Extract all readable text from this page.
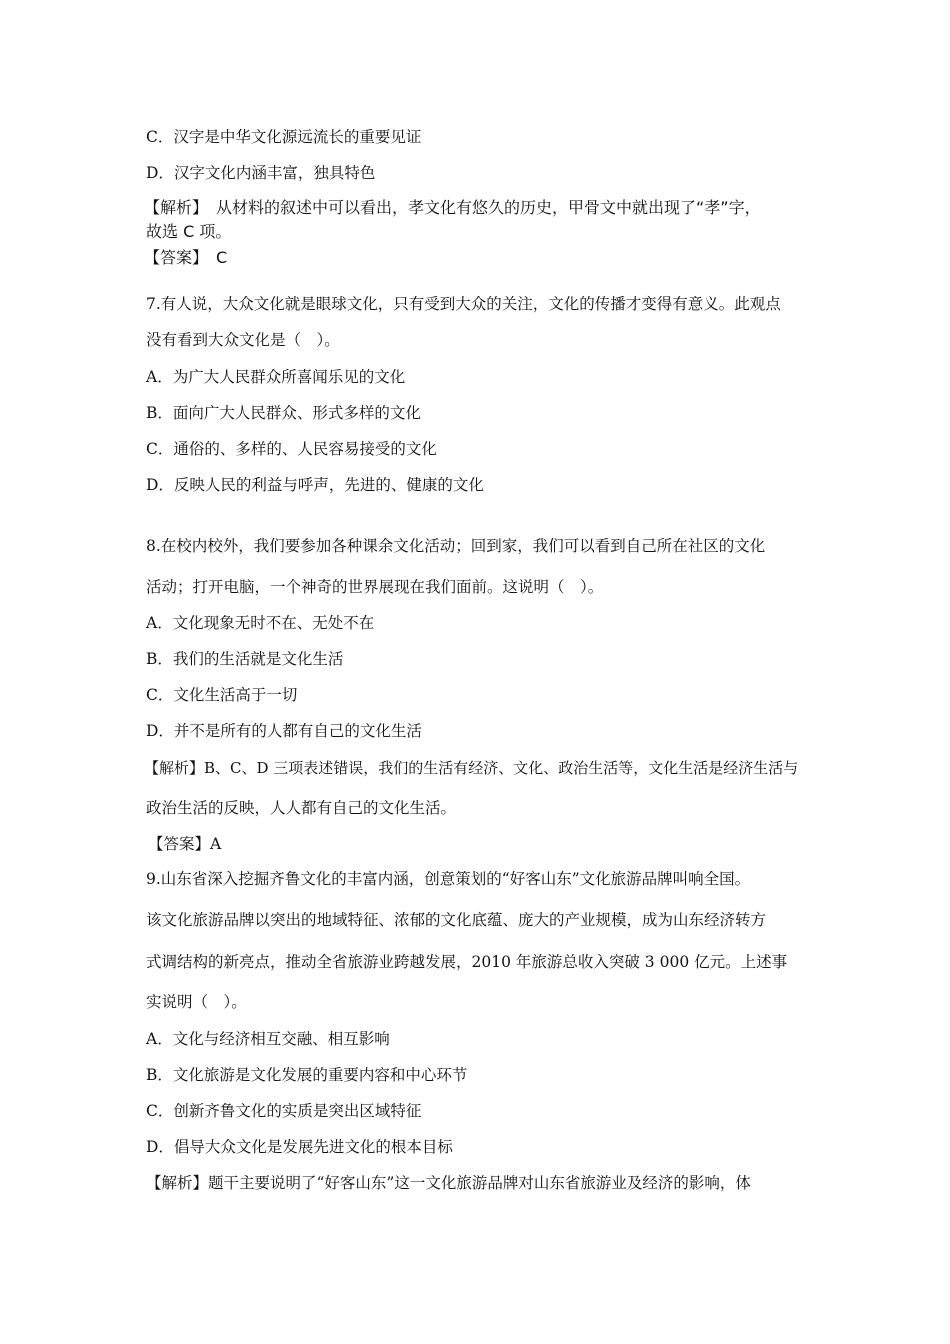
C．汉字是中华文化源远流长的重要见证
D．汉字文化内涵丰富，独具特色
【解析】　从材料的叙述中可以看出，孝文化有悠久的历史，甲骨文中就出现了“孝”字，
故选 C 项。
【答案】　C
7.有人说，大众文化就是眼球文化，只有受到大众的关注，文化的传播才变得有意义。此观点
没有看到大众文化是（　）。
A．为广大人民群众所喜闻乐见的文化
B．面向广大人民群众、形式多样的文化
C．通俗的、多样的、人民容易接受的文化
D．反映人民的利益与呼声，先进的、健康的文化
8.在校内校外，我们要参加各种课余文化活动；回到家，我们可以看到自己所在社区的文化
活动；打开电脑，一个神奇的世界展现在我们面前。这说明（　）。
A．文化现象无时不在、无处不在
B．我们的生活就是文化生活
C．文化生活高于一切
D．并不是所有的人都有自己的文化生活
【解析】B、C、D 三项表述错误，我们的生活有经济、文化、政治生活等，文化生活是经济生活与
政治生活的反映，人人都有自己的文化生活。
【答案】A
9.山东省深入挖掘齐鲁文化的丰富内涵，创意策划的“好客山东”文化旅游品牌叫响全国。
该文化旅游品牌以突出的地域特征、浓郁的文化底蕴、庞大的产业规模，成为山东经济转方
式调结构的新亮点，推动全省旅游业跨越发展，2010 年旅游总收入突破 3 000 亿元。上述事
实说明（　）。
A．文化与经济相互交融、相互影响
B．文化旅游是文化发展的重要内容和中心环节
C．创新齐鲁文化的实质是突出区域特征
D．倡导大众文化是发展先进文化的根本目标
【解析】题干主要说明了“好客山东”这一文化旅游品牌对山东省旅游业及经济的影响，体
